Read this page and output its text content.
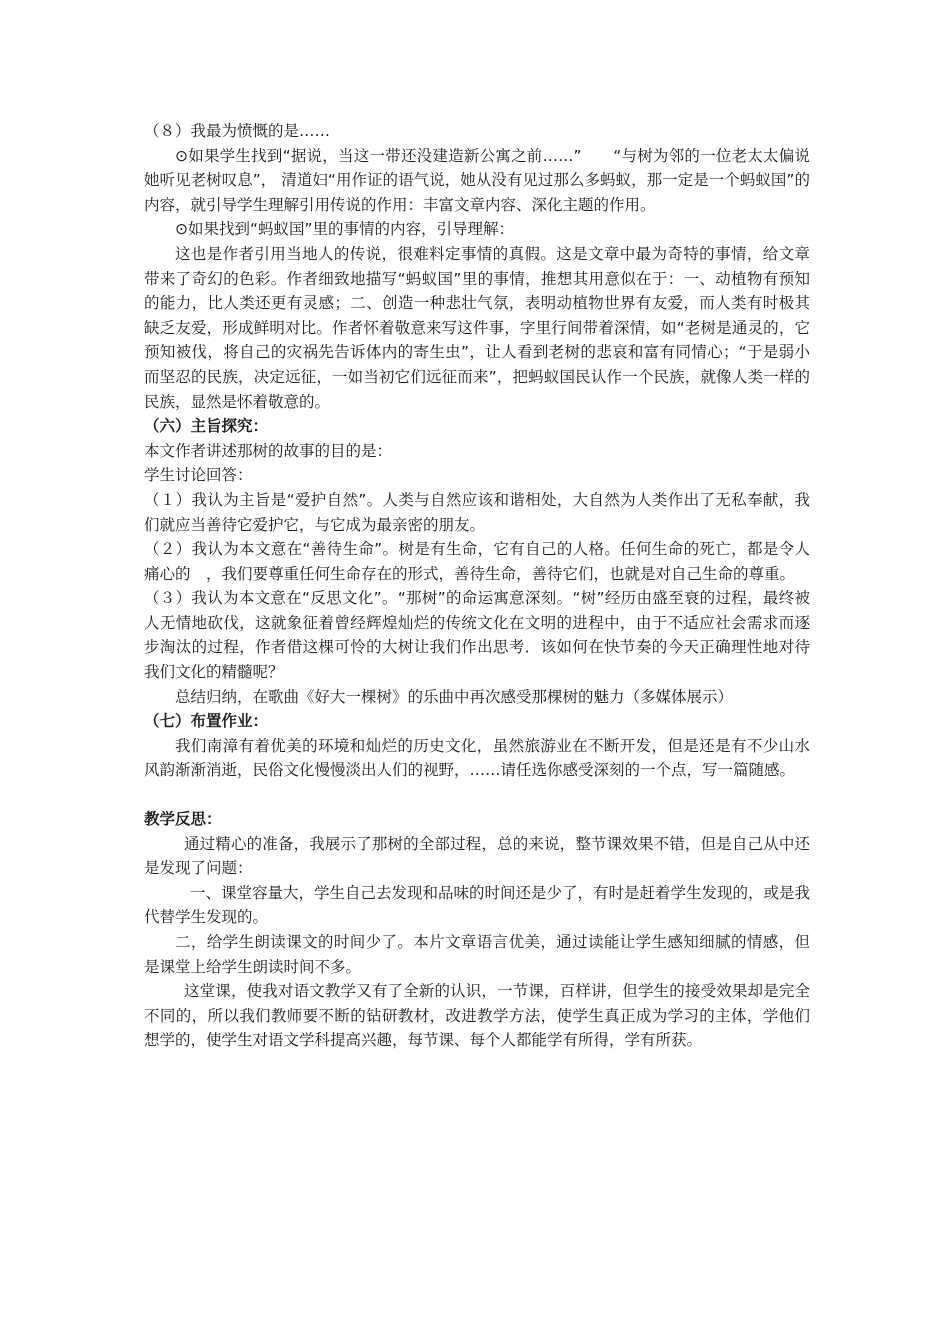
（８）我最为愤慨的是……

⊙如果学生找到“据说，当这一带还没建造新公寓之前……”　　“与树为邻的一位老太太偏说她听见老树叹息”， 清道妇“用作证的语气说，她从没有见过那么多蚂蚁，那一定是一个蚂蚁国”的内容，就引导学生理解引用传说的作用：丰富文章内容、深化主题的作用。

⊙如果找到“蚂蚁国”里的事情的内容，引导理解：

这也是作者引用当地人的传说，很难料定事情的真假。这是文章中最为奇特的事情，给文章带来了奇幻的色彩。作者细致地描写“蚂蚁国”里的事情，推想其用意似在于：一、动植物有预知的能力，比人类还更有灵感；二、创造一种悲壮气氛，表明动植物世界有友爱，而人类有时极其缺乏友爱，形成鲜明对比。作者怀着敬意来写这件事，字里行间带着深情，如“老树是通灵的，它预知被伐，将自己的灾祸先告诉体内的寄生虫”，让人看到老树的悲哀和富有同情心；“于是弱小而坚忍的民族，决定远征，一如当初它们远征而来”，把蚂蚁国民认作一个民族，就像人类一样的民族，显然是怀着敬意的。

（六）主旨探究：

本文作者讲述那树的故事的目的是：

学生讨论回答：

（１）我认为主旨是“爱护自然”。人类与自然应该和谐相处，大自然为人类作出了无私奉献，我们就应当善待它爱护它，与它成为最亲密的朋友。

（２）我认为本文意在“善待生命”。树是有生命，它有自己的人格。任何生命的死亡，都是令人痛心的　，我们要尊重任何生命存在的形式，善待生命，善待它们，也就是对自己生命的尊重。

（３）我认为本文意在“反思文化”。“那树”的命运寓意深刻。“树”经历由盛至衰的过程，最终被人无情地砍伐，这就象征着曾经辉煌灿烂的传统文化在文明的进程中，由于不适应社会需求而逐步淘汰的过程，作者借这棵可怜的大树让我们作出思考．该如何在快节奏的今天正确理性地对待我们文化的精髓呢？

总结归纳，在歌曲《好大一棵树》的乐曲中再次感受那棵树的魅力（多媒体展示）

（七）布置作业：

我们南漳有着优美的环境和灿烂的历史文化，虽然旅游业在不断开发，但是还是有不少山水风韵渐渐消逝，民俗文化慢慢淡出人们的视野，……请任选你感受深刻的一个点，写一篇随感。

教学反思：

通过精心的准备，我展示了那树的全部过程，总的来说，整节课效果不错，但是自己从中还是发现了问题：

一、课堂容量大，学生自己去发现和品味的时间还是少了，有时是赶着学生发现的，或是我代替学生发现的。

二，给学生朗读课文的时间少了。本片文章语言优美，通过读能让学生感知细腻的情感，但是课堂上给学生朗读时间不多。

这堂课，使我对语文教学又有了全新的认识，一节课，百样讲，但学生的接受效果却是完全不同的，所以我们教师要不断的钻研教材，改进教学方法，使学生真正成为学习的主体，学他们想学的，使学生对语文学科提高兴趣，每节课、每个人都能学有所得，学有所获。
